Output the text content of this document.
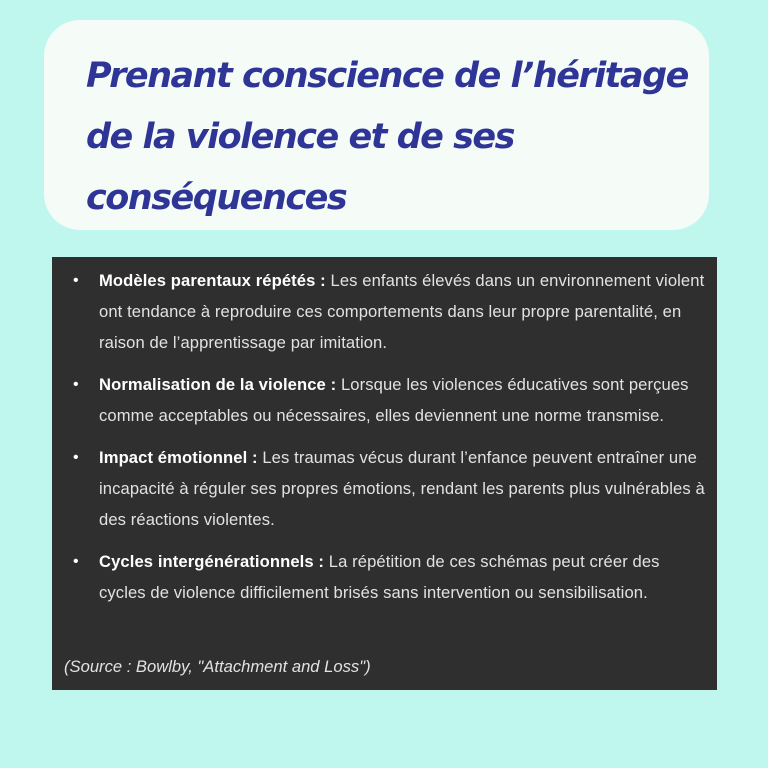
Prenant conscience de l’héritage de la violence et de ses conséquences
• Modèles parentaux répétés : Les enfants élevés dans un environnement violent ont tendance à reproduire ces comportements dans leur propre parentalité, en raison de l’apprentissage par imitation.
• Normalisation de la violence : Lorsque les violences éducatives sont perçues comme acceptables ou nécessaires, elles deviennent une norme transmise.
• Impact émotionnel : Les traumas vécus durant l’enfance peuvent entraîner une incapacité à réguler ses propres émotions, rendant les parents plus vulnérables à des réactions violentes.
• Cycles intergénérationnels : La répétition de ces schémas peut créer des cycles de violence difficilement brisés sans intervention ou sensibilisation.

(Source : Bowlby, "Attachment and Loss")
